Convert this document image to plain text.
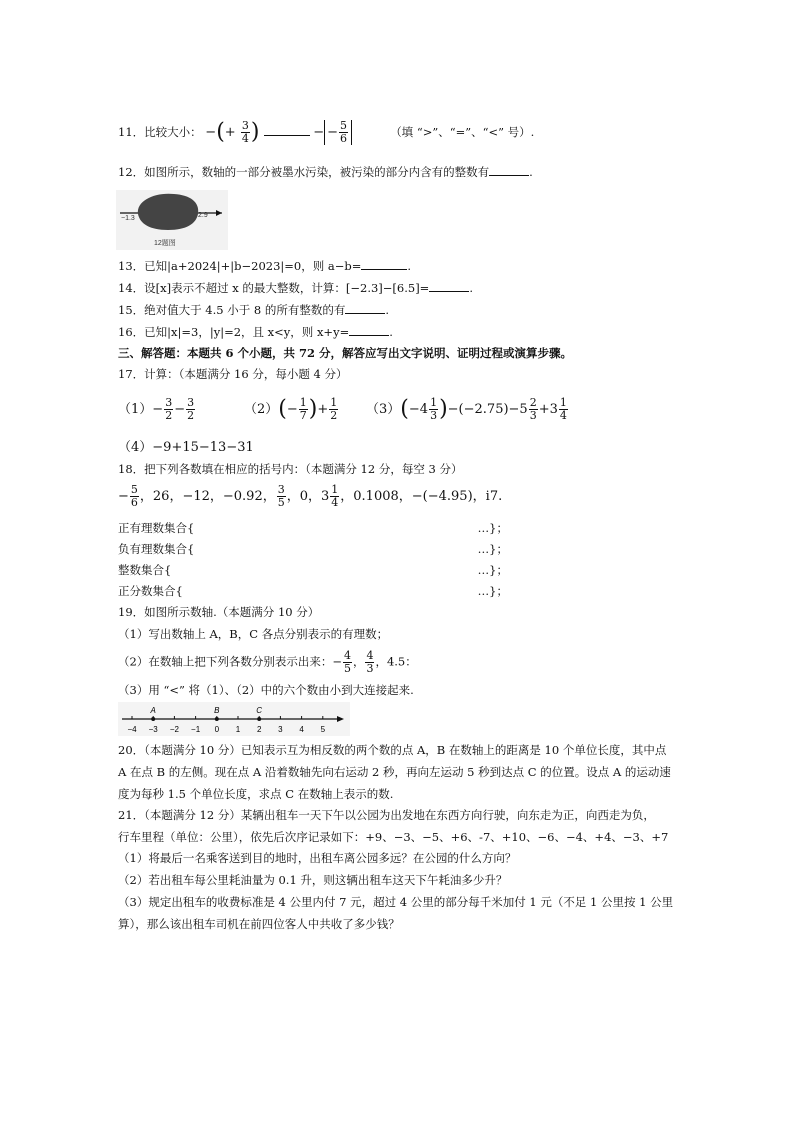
11．比较大小： −(+ $\frac{3}{4}$ )	− − $\frac{5}{6}$	（填 “>”、“=”、“<” 号）.
12．如图所示，数轴的一部分被墨水污染，被污染的部分内含有的整数有	.
−1.3	2.9
12题图
13．已知|a+2024|+|b−2023|=0，则 a−b=	.
14．设[x]表示不超过 x 的最大整数，计算：[−2.3]−[6.5]=	.
15．绝对值大于 4.5 小于 8 的所有整数的有	.
16．已知|x|=3，|y|=2，且 x<y，则 x+y=	.
三、解答题：本题共 6 个小题，共 72 分，解答应写出文字说明、证明过程或演算步骤。
17．计算：（本题满分 16 分，每小题 4 分）
$(1)- \frac{3}{2} - \frac{3}{2}$	$(2)(- \frac{1}{7}$ )+ $\frac{1}{2} (3)(-4 \frac{1}{3} )-(-2.75)-5 \frac{2}{3} +3 \frac{1}{4}$
（4）−9+15−13−31
18．把下列各数填在相应的括号内：（本题满分 12 分，每空 3 分）
− $\frac{5}{6}$ ，26，−12，−0.92， $\frac{3}{5}$ ，0，$3 \frac{1}{4}$ ，0.1008，−(−4.95)，i7.
正有理数集合{	…}；
负有理数集合{	…}；
整数集合{	…}；
正分数集合{	…}；
19．如图所示数轴.（本题满分 10 分）
（1）写出数轴上 A，B，C 各点分别表示的有理数；
（2）在数轴上把下列各数分别表示出来：− $\frac{4}{5}$ ， $\frac{4}{3}$ ，4.5：
（3）用 “<” 将（1）、（2）中的六个数由小到大连接起来.
−4 −3 −2 −1 0 1 2 3 4 5
A	B	C
20．（本题满分 10 分）已知表示互为相反数的两个数的点 A，B 在数轴上的距离是 10 个单位长度，其中点
A 在点 B 的左侧。现在点 A 沿着数轴先向右运动 2 秒，再向左运动 5 秒到达点 C 的位置。设点 A 的运动速
度为每秒 1.5 个单位长度，求点 C 在数轴上表示的数.
21．（本题满分 12 分）某辆出租车一天下午以公园为出发地在东西方向行驶，向东走为正，向西走为负，
行车里程（单位：公里），依先后次序记录如下：+9、−3、−5、+6、-7、+10、−6、−4、+4、−3、+7
（1）将最后一名乘客送到目的地时，出租车离公园多远？在公园的什么方向？
（2）若出租车每公里耗油量为 0.1 升，则这辆出租车这天下午耗油多少升？
（3）规定出租车的收费标准是 4 公里内付 7 元，超过 4 公里的部分每千米加付 1 元（不足 1 公里按 1 公里
算），那么该出租车司机在前四位客人中共收了多少钱？
